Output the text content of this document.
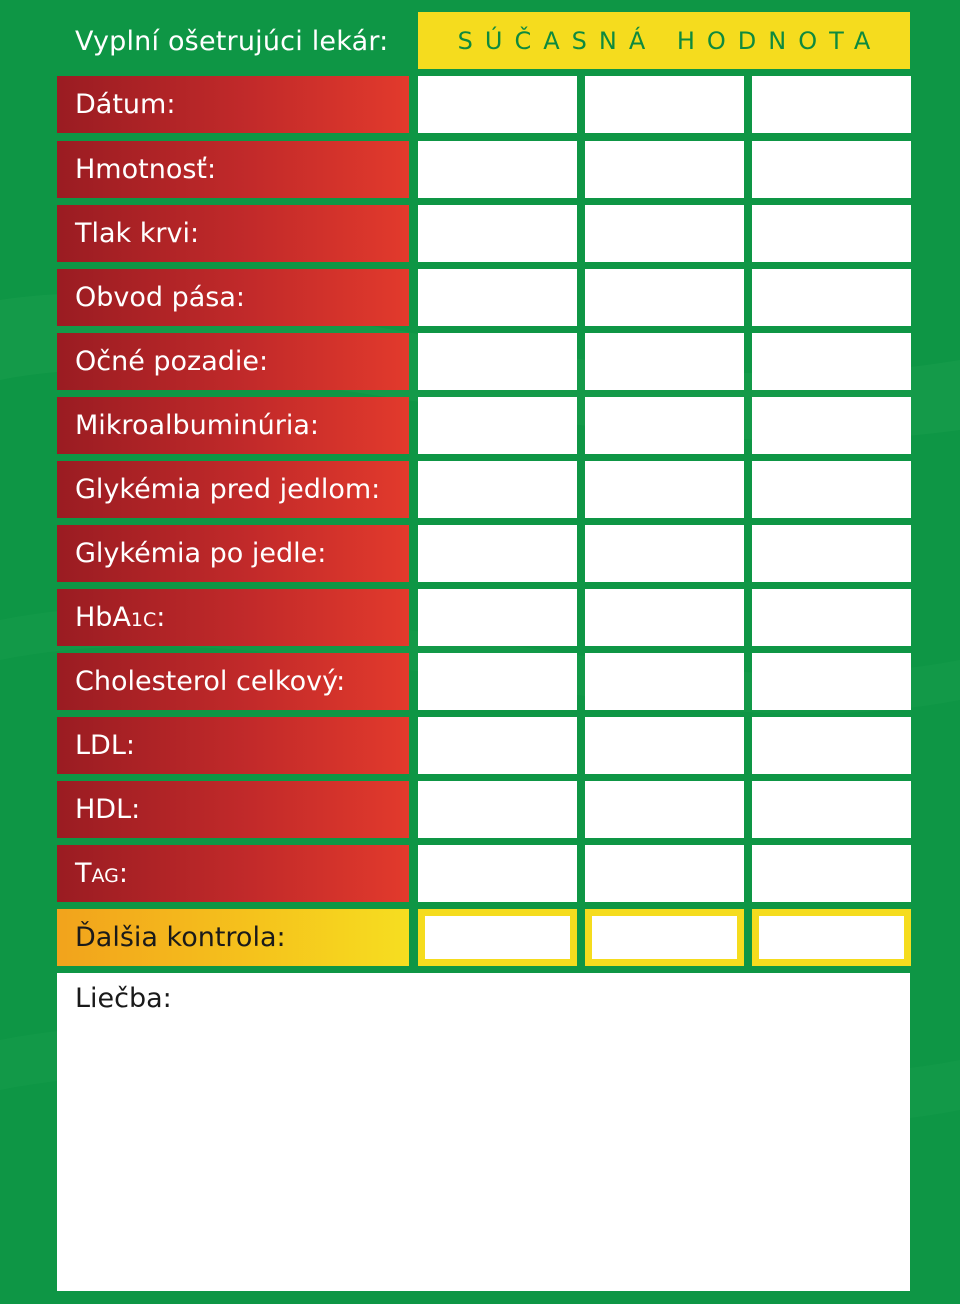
Vyplní ošetrujúci lekár:	SÚČASNÁ HODNOTA
Dátum:
Hmotnosť:
Tlak krvi:
Obvod pása:
Očné pozadie:
Mikroalbuminúria:
Glykémia pred jedlom:
Glykémia po jedle:
HbA1C:
Cholesterol celkový:
LDL:
HDL:
TAG:
Ďalšia kontrola:
Liečba:
